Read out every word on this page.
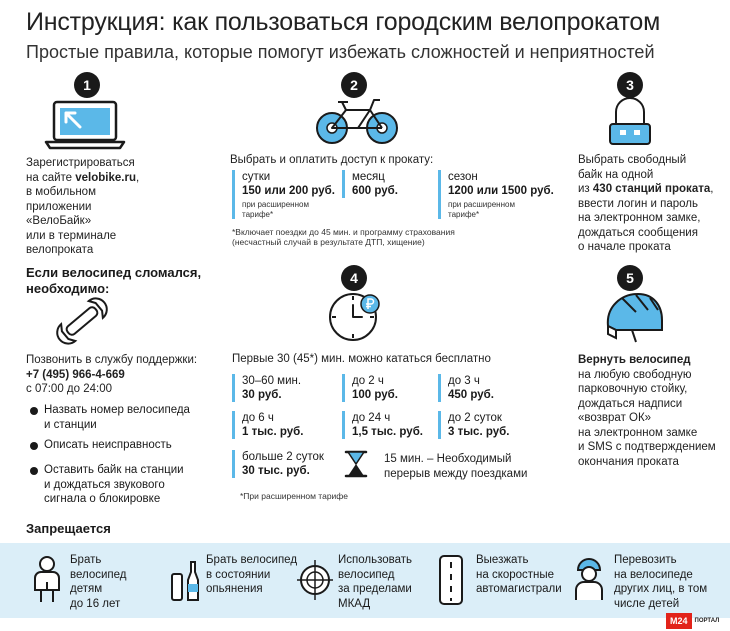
Инструкция: как пользоваться городским велопрокатом
Простые правила, которые помогут избежать сложностей и неприятностей
1
Зарегистрироваться
на сайте velobike.ru,
в мобильном
приложении
«ВелоБайк»
или в терминале
велопроката
2
Выбрать и оплатить доступ к прокату:
сутки
150 или 200 руб.
при расширенном тарифе*
месяц
600 руб.
сезон
1200 или 1500 руб.
при расширенном тарифе*
*Включает поездки до 45 мин. и программу страхования
(несчастный случай в результате ДТП, хищение)
3
Выбрать свободный
байк на одной
из 430 станций проката,
ввести логин и пароль
на электронном замке,
дождаться сообщения
о начале проката
Если велосипед сломался,
необходимо:
Позвонить в службу поддержки:
+7 (495) 966-4-669
с 07:00 до 24:00
Назвать номер велосипеда
и станции
Описать неисправность
Оставить байк на станции
и дождаться звукового
сигнала о блокировке
4
Первые 30 (45*) мин. можно кататься бесплатно
30–60 мин.
30 руб.
до 2 ч
100 руб.
до 3 ч
450 руб.
до 6 ч
1 тыс. руб.
до 24 ч
1,5 тыс. руб.
до 2 суток
3 тыс. руб.
больше 2 суток
30 тыс. руб.
15 мин. – Необходимый
перерыв между поездками
*При расширенном тарифе
5
Вернуть велосипед
на любую свободную
парковочную стойку,
дождаться надписи
«возврат ОК»
на электронном замке
и SMS с подтверждением
окончания проката
Запрещается
Брать
велосипед
детям
до 16 лет
Брать велосипед
в состоянии
опьянения
Использовать
велосипед
за пределами
МКАД
Выезжать
на скоростные
автомагистрали
Перевозить
на велосипеде
других лиц, в том
числе детей
M24	ПОРТАЛ
